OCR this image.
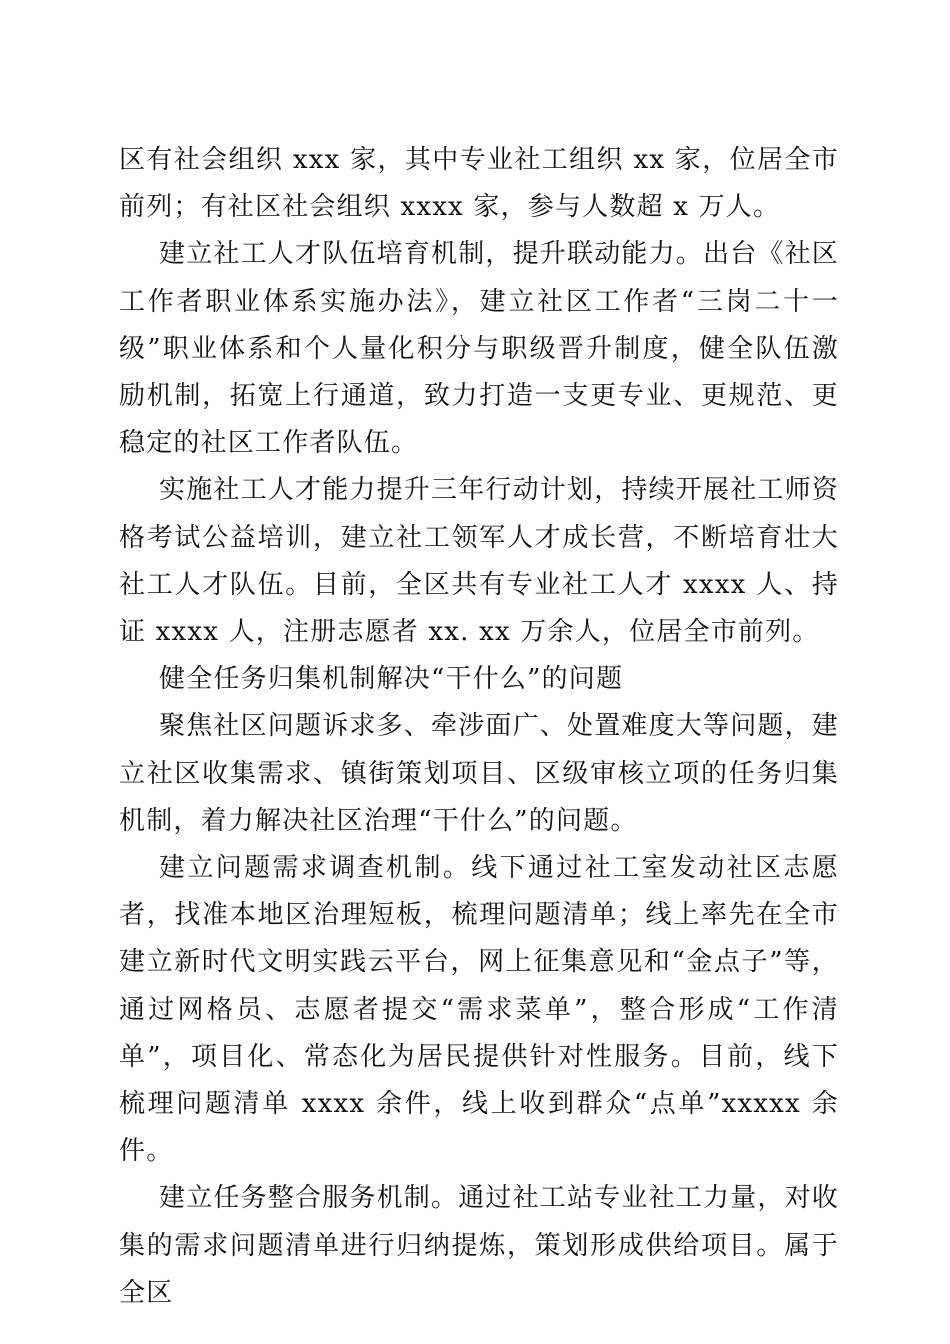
区有社会组织 xxx 家，其中专业社工组织 xx 家，位居全市前列；有社区社会组织 xxxx 家，参与人数超 x 万人。

建立社工人才队伍培育机制，提升联动能力。出台《社区工作者职业体系实施办法》，建立社区工作者“三岗二十一级”职业体系和个人量化积分与职级晋升制度，健全队伍激励机制，拓宽上行通道，致力打造一支更专业、更规范、更稳定的社区工作者队伍。

实施社工人才能力提升三年行动计划，持续开展社工师资格考试公益培训，建立社工领军人才成长营，不断培育壮大社工人才队伍。目前，全区共有专业社工人才 xxxx 人、持证 xxxx 人，注册志愿者 xx. xx 万余人，位居全市前列。

健全任务归集机制解决“干什么”的问题

聚焦社区问题诉求多、牵涉面广、处置难度大等问题，建立社区收集需求、镇街策划项目、区级审核立项的任务归集机制，着力解决社区治理“干什么”的问题。

建立问题需求调查机制。线下通过社工室发动社区志愿者，找准本地区治理短板，梳理问题清单；线上率先在全市建立新时代文明实践云平台，网上征集意见和“金点子”等，通过网格员、志愿者提交“需求菜单”，整合形成“工作清单”，项目化、常态化为居民提供针对性服务。目前，线下梳理问题清单 xxxx 余件，线上收到群众“点单”xxxxx 余件。

建立任务整合服务机制。通过社工站专业社工力量，对收集的需求问题清单进行归纳提炼，策划形成供给项目。属于全区
